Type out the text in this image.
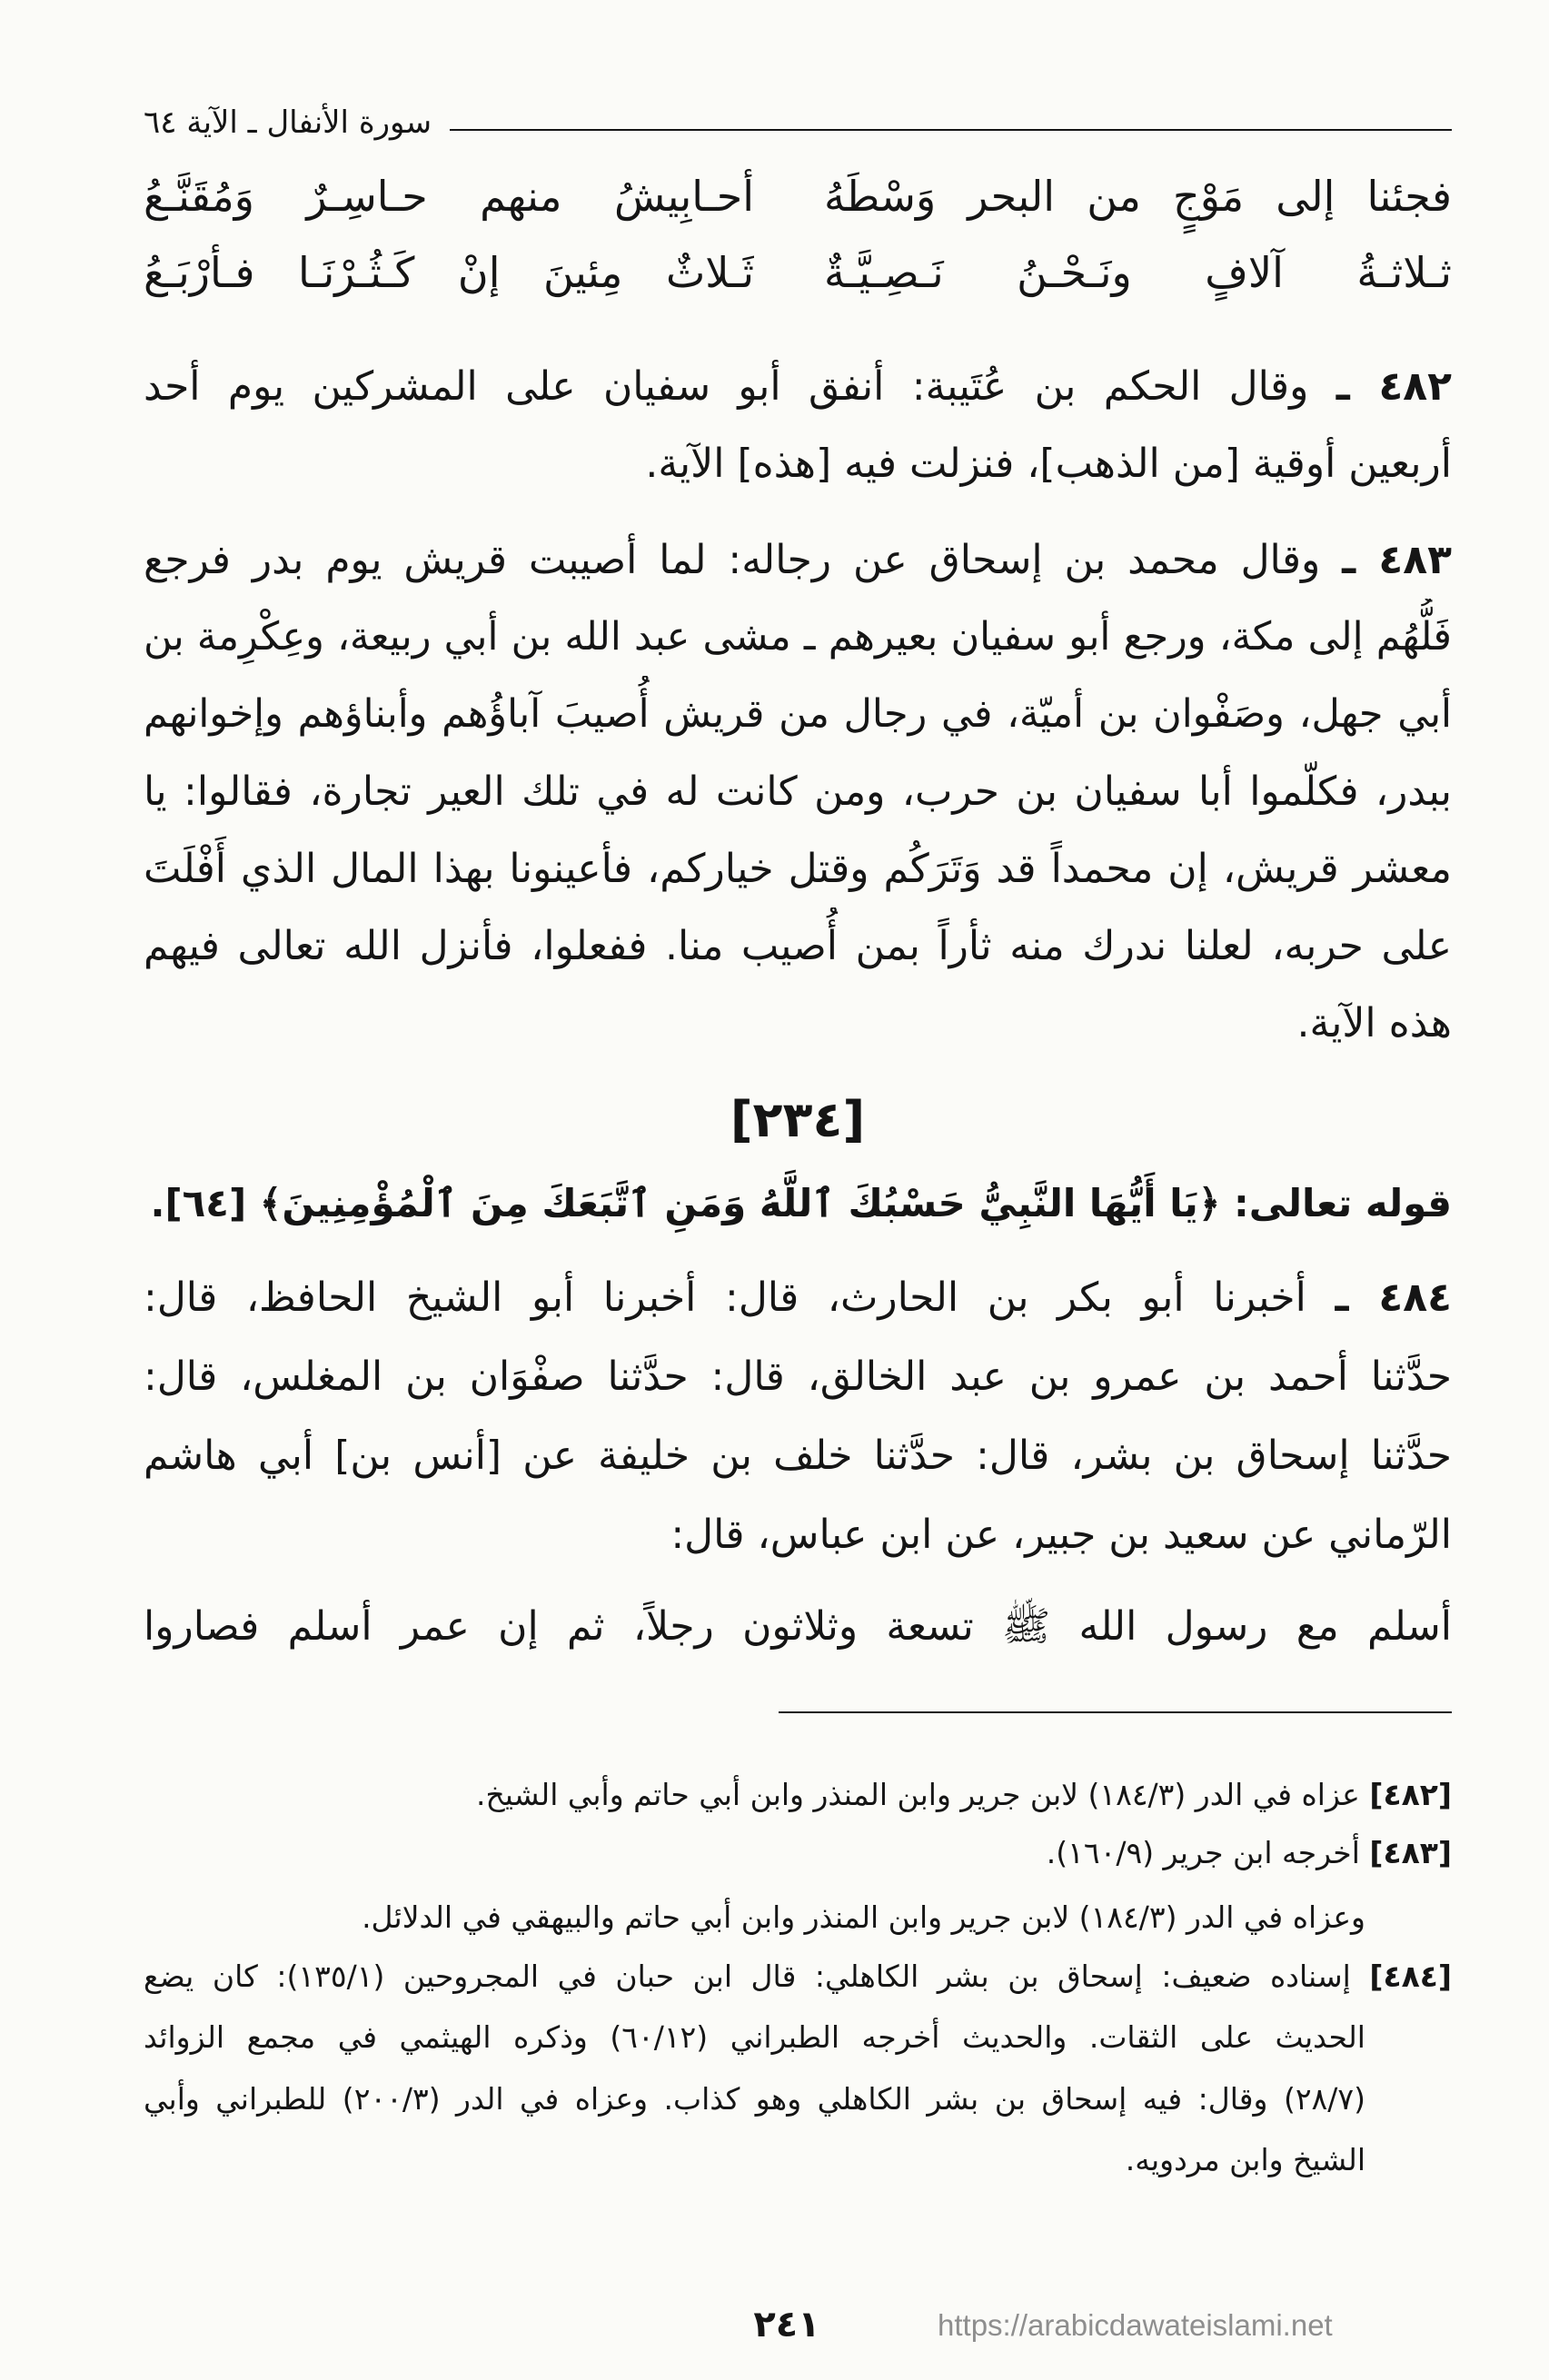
سورة الأنفال ـ الآية ٦٤
فجئنا إلى مَوْجٍ من البحر وَسْطَهُ
أحـابِيشُ منهم حـاسِـرٌ وَمُقَنَّـعُ
ثـلاثـةُ آلافٍ ونَـحْـنُ نَـصِـيَّـةٌ
ثَـلاثٌ مِئينَ إنْ كَـثُـرْنَـا فـأرْبَـعُ
٤٨٢ ـ وقال الحكم بن عُتَيبة: أنفق أبو سفيان على المشركين يوم أحد
أربعين أوقية [من الذهب]، فنزلت فيه [هذه] الآية.
٤٨٣ ـ وقال محمد بن إسحاق عن رجاله: لما أصيبت قريش يوم بدر فرجع
فَلُّهُم إلى مكة، ورجع أبو سفيان بعيرهم ـ مشى عبد الله بن أبي ربيعة، وعِكْرِمة بن
أبي جهل، وصَفْوان بن أميّة، في رجال من قريش أُصيبَ آباؤُهم وأبناؤهم وإخوانهم
ببدر، فكلّموا أبا سفيان بن حرب، ومن كانت له في تلك العير تجارة، فقالوا: يا
معشر قريش، إن محمداً قد وَتَرَكُم وقتل خياركم، فأعينونا بهذا المال الذي أَفْلَتَ
على حربه، لعلنا ندرك منه ثأراً بمن أُصيب منا. ففعلوا، فأنزل الله تعالى فيهم
هذه الآية.
[٢٣٤]
قوله تعالى: ﴿يَا أَيُّهَا النَّبِيُّ حَسْبُكَ ٱللَّهُ وَمَنِ ٱتَّبَعَكَ مِنَ ٱلْمُؤْمِنِينَ﴾ [٦٤].
٤٨٤ ـ أخبرنا أبو بكر بن الحارث، قال: أخبرنا أبو الشيخ الحافظ، قال:
حدَّثنا أحمد بن عمرو بن عبد الخالق، قال: حدَّثنا صفْوَان بن المغلس، قال:
حدَّثنا إسحاق بن بشر، قال: حدَّثنا خلف بن خليفة عن [أنس بن] أبي هاشم
الرّماني عن سعيد بن جبير، عن ابن عباس، قال:
أسلم مع رسول الله ﷺ تسعة وثلاثون رجلاً، ثم إن عمر أسلم فصاروا
[٤٨٢] عزاه في الدر (١٨٤/٣) لابن جرير وابن المنذر وابن أبي حاتم وأبي الشيخ.
[٤٨٣] أخرجه ابن جرير (١٦٠/٩).
وعزاه في الدر (١٨٤/٣) لابن جرير وابن المنذر وابن أبي حاتم والبيهقي في الدلائل.
[٤٨٤] إسناده ضعيف: إسحاق بن بشر الكاهلي: قال ابن حبان في المجروحين (١٣٥/١): كان يضع
الحديث على الثقات. والحديث أخرجه الطبراني (٦٠/١٢) وذكره الهيثمي في مجمع الزوائد
(٢٨/٧) وقال: فيه إسحاق بن بشر الكاهلي وهو كذاب. وعزاه في الدر (٢٠٠/٣) للطبراني وأبي
الشيخ وابن مردويه.
٢٤١	https://arabicdawateislami.net
